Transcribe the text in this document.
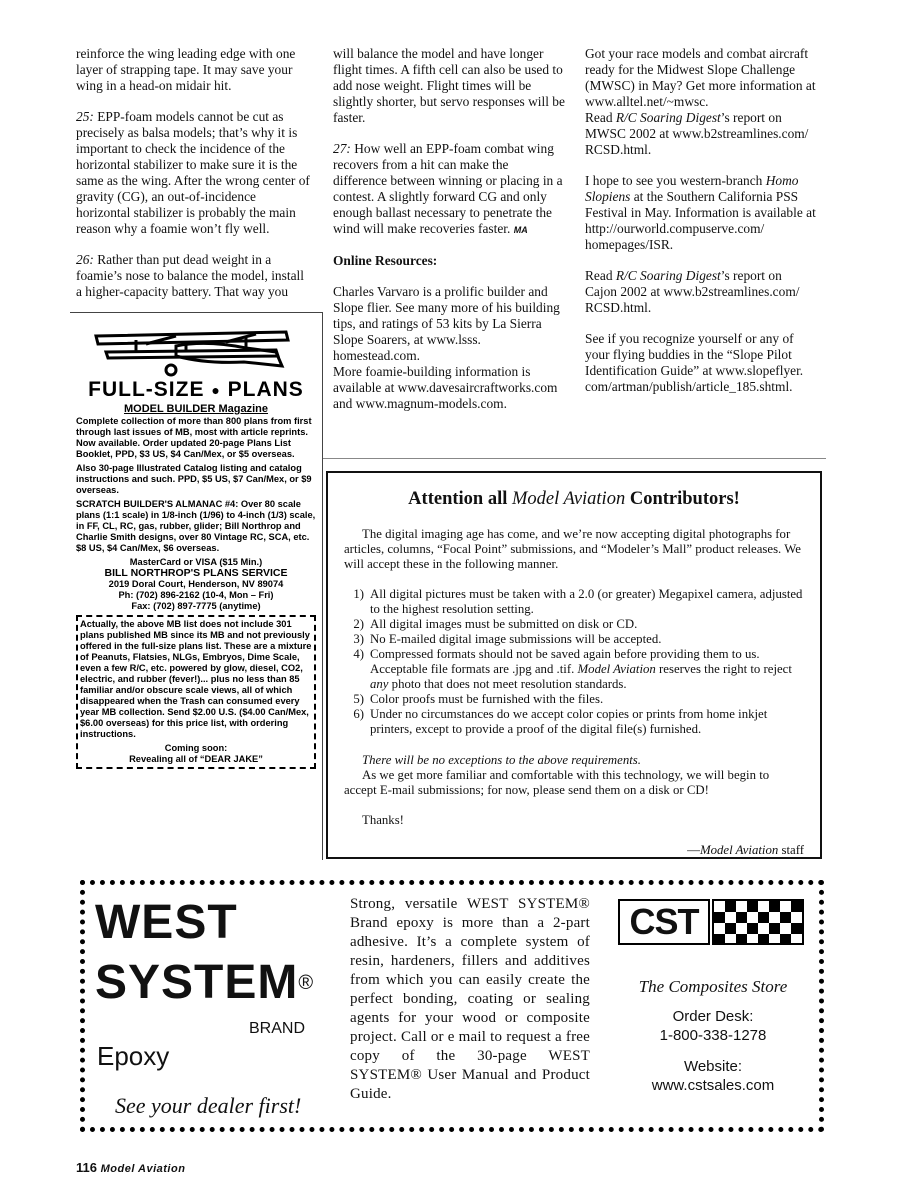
reinforce the wing leading edge with one layer of strapping tape. It may save your wing in a head-on midair hit.

25: EPP-foam models cannot be cut as precisely as balsa models; that’s why it is important to check the incidence of the horizontal stabilizer to make sure it is the same as the wing. After the wrong center of gravity (CG), an out-of-incidence horizontal stabilizer is probably the main reason why a foamie won’t fly well.

26: Rather than put dead weight in a foamie’s nose to balance the model, install a higher-capacity battery. That way you

will balance the model and have longer flight times. A fifth cell can also be used to add nose weight. Flight times will be slightly shorter, but servo responses will be faster.

27: How well an EPP-foam combat wing recovers from a hit can make the difference between winning or placing in a contest. A slightly forward CG and only enough ballast necessary to penetrate the wind will make recoveries faster. MA

Online Resources:

Charles Varvaro is a prolific builder and Slope flier. See many more of his building tips, and ratings of 53 kits by La Sierra Slope Soarers, at www.lsss. homestead.com.

More foamie-building information is available at www.davesaircraftworks.com and www.magnum-models.com.

Got your race models and combat aircraft ready for the Midwest Slope Challenge (MWSC) in May? Get more information at www.alltel.net/~mwsc.

Read R/C Soaring Digest’s report on MWSC 2002 at www.b2streamlines.com/ RCSD.html.

I hope to see you western-branch Homo Slopiens at the Southern California PSS Festival in May. Information is available at http://ourworld.compuserve.com/ homepages/ISR.

Read R/C Soaring Digest’s report on Cajon 2002 at www.b2streamlines.com/ RCSD.html.

See if you recognize yourself or any of your flying buddies in the “Slope Pilot Identification Guide” at www.slopeflyer. com/artman/publish/article_185.shtml.

FULL-SIZE ● PLANS
MODEL BUILDER Magazine

Complete collection of more than 800 plans from first through last issues of MB, most with article reprints. Now available. Order updated 20-page Plans List Booklet, PPD, $3 US, $4 Can/Mex, or $5 overseas.

Also 30-page Illustrated Catalog listing and catalog instructions and such. PPD, $5 US, $7 Can/Mex, or $9 overseas.

SCRATCH BUILDER'S ALMANAC #4: Over 80 scale plans (1:1 scale) in 1/8-inch (1/96) to 4-inch (1/3) scale, in FF, CL, RC, gas, rubber, glider; Bill Northrop and Charlie Smith designs, over 80 Vintage RC, SCA, etc. $8 US, $4 Can/Mex, $6 overseas.

MasterCard or VISA ($15 Min.)
BILL NORTHROP'S PLANS SERVICE
2019 Doral Court, Henderson, NV 89074
Ph: (702) 896-2162 (10-4, Mon – Fri)
Fax: (702) 897-7775 (anytime)

Actually, the above MB list does not include 301 plans published MB since its MB and not previously offered in the full-size plans list. These are a mixture of Peanuts, Flatsies, NLGs, Embryos, Dime Scale, even a few R/C, etc. powered by glow, diesel, CO2, electric, and rubber (fever!)... plus no less than 85 familiar and/or obscure scale views, all of which disappeared when the Trash can consumed every year MB collection. Send $2.00 U.S. ($4.00 Can/Mex, $6.00 overseas) for this price list, with ordering instructions.

Coming soon:
Revealing all of “DEAR JAKE”
Attention all Model Aviation Contributors!

The digital imaging age has come, and we’re now accepting digital photographs for articles, columns, “Focal Point” submissions, and “Modeler’s Mall” product releases. We will accept these in the following manner.

1) All digital pictures must be taken with a 2.0 (or greater) Megapixel camera, adjusted to the highest resolution setting.
2) All digital images must be submitted on disk or CD.
3) No E-mailed digital image submissions will be accepted.
4) Compressed formats should not be saved again before providing them to us. Acceptable file formats are .jpg and .tif. Model Aviation reserves the right to reject any photo that does not meet resolution standards.
5) Color proofs must be furnished with the files.
6) Under no circumstances do we accept color copies or prints from home inkjet printers, except to provide a proof of the digital file(s) furnished.

There will be no exceptions to the above requirements.

As we get more familiar and comfortable with this technology, we will begin to accept E-mail submissions; for now, please send them on a disk or CD!

Thanks!

—Model Aviation staff

WEST
SYSTEM®
BRAND
Epoxy
See your dealer first!
Strong, versatile WEST SYSTEM® Brand epoxy is more than a 2-part adhesive. It’s a complete system of resin, hardeners, fillers and additives from which you can easily create the perfect bonding, coating or sealing agents for your wood or composite project. Call or e mail to request a free copy of the 30-page WEST SYSTEM® User Manual and Product Guide.
CST
The Composites Store
Order Desk:
1-800-338-1278
Website:
www.cstsales.com
116 Model Aviation
